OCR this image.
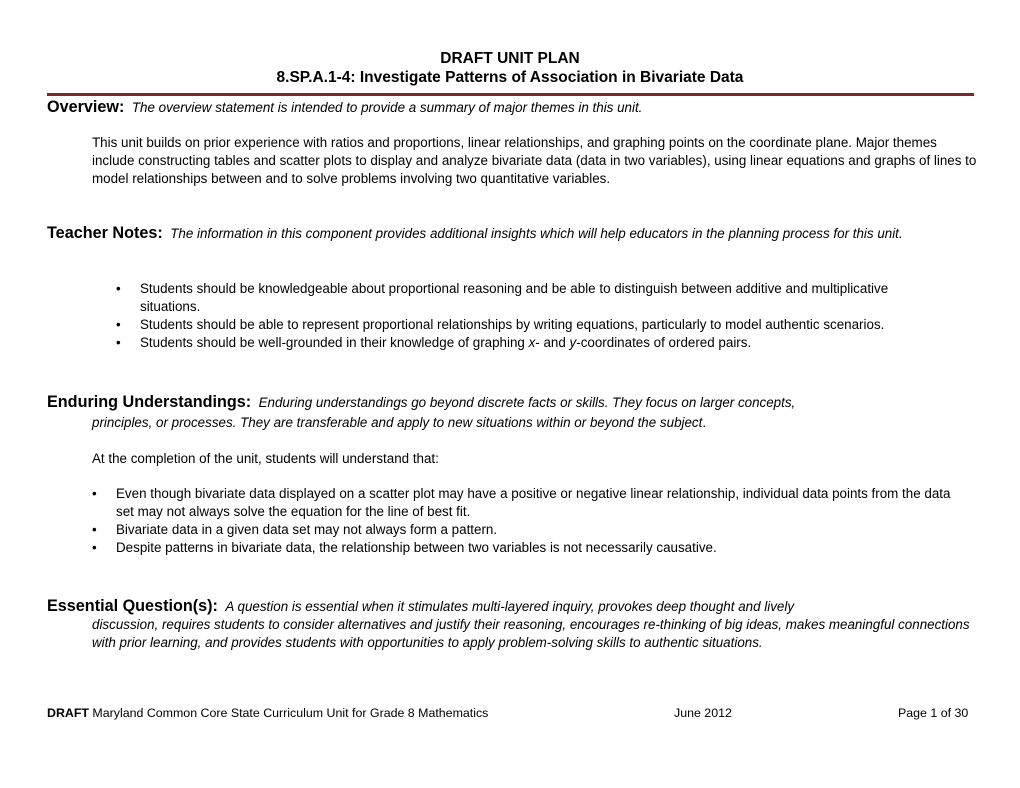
DRAFT UNIT PLAN
8.SP.A.1-4: Investigate Patterns of Association in Bivariate Data
Overview: The overview statement is intended to provide a summary of major themes in this unit.
This unit builds on prior experience with ratios and proportions, linear relationships, and graphing points on the coordinate plane. Major themes include constructing tables and scatter plots to display and analyze bivariate data (data in two variables), using linear equations and graphs of lines to model relationships between and to solve problems involving two quantitative variables.
Teacher Notes: The information in this component provides additional insights which will help educators in the planning process for this unit.
• Students should be knowledgeable about proportional reasoning and be able to distinguish between additive and multiplicative situations.
• Students should be able to represent proportional relationships by writing equations, particularly to model authentic scenarios.
• Students should be well-grounded in their knowledge of graphing x- and y-coordinates of ordered pairs.
Enduring Understandings: Enduring understandings go beyond discrete facts or skills. They focus on larger concepts,
principles, or processes. They are transferable and apply to new situations within or beyond the subject.
At the completion of the unit, students will understand that:
• Even though bivariate data displayed on a scatter plot may have a positive or negative linear relationship, individual data points from the data set may not always solve the equation for the line of best fit.
• Bivariate data in a given data set may not always form a pattern.
• Despite patterns in bivariate data, the relationship between two variables is not necessarily causative.
Essential Question(s): A question is essential when it stimulates multi-layered inquiry, provokes deep thought and lively
discussion, requires students to consider alternatives and justify their reasoning, encourages re-thinking of big ideas, makes meaningful connections with prior learning, and provides students with opportunities to apply problem-solving skills to authentic situations.
DRAFT Maryland Common Core State Curriculum Unit for Grade 8 Mathematics	June 2012	Page 1 of 30
